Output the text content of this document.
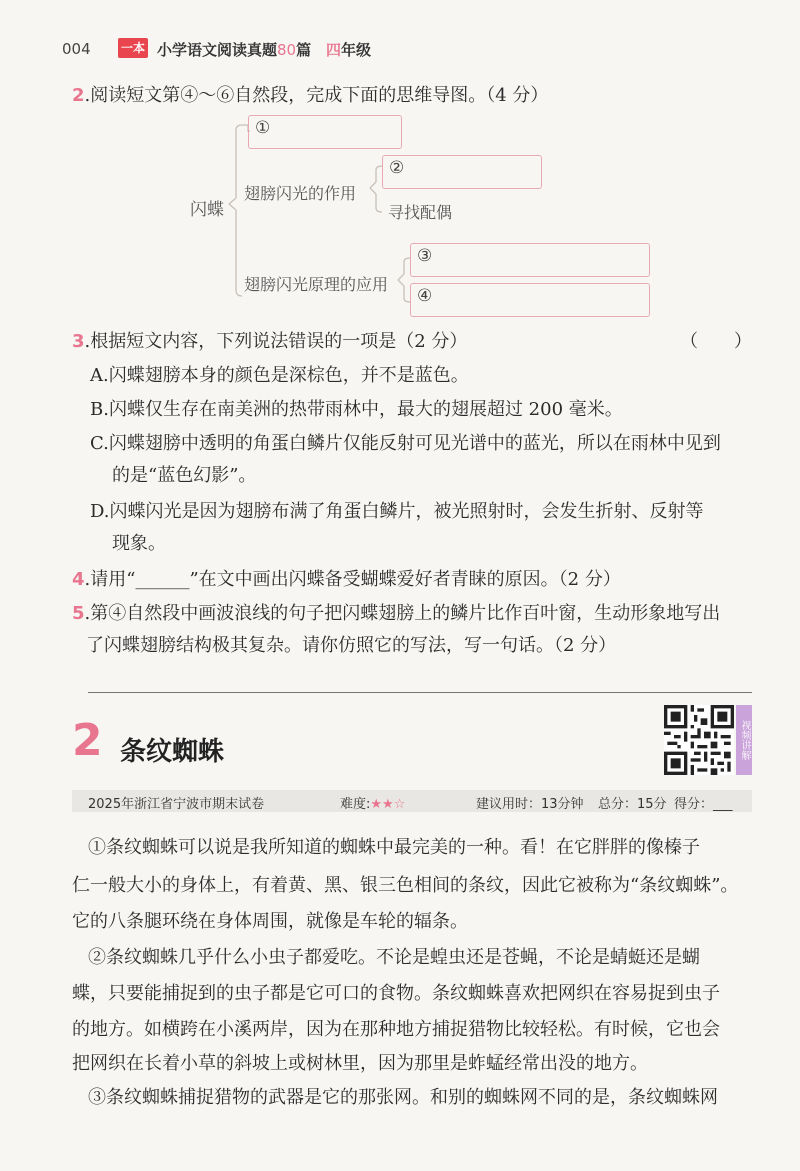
004	一本 小学语文阅读真题80篇 四年级
2.阅读短文第④～⑥自然段，完成下面的思维导图。（4 分）
闪蝶
①
翅膀闪光的作用
②
寻找配偶
翅膀闪光原理的应用
③
④
3.根据短文内容，下列说法错误的一项是（2 分）	（　　）
A.闪蝶翅膀本身的颜色是深棕色，并不是蓝色。
B.闪蝶仅生存在南美洲的热带雨林中，最大的翅展超过 200 毫米。
C.闪蝶翅膀中透明的角蛋白鳞片仅能反射可见光谱中的蓝光，所以在雨林中见到
的是“蓝色幻影”。
D.闪蝶闪光是因为翅膀布满了角蛋白鳞片，被光照射时，会发生折射、反射等
现象。
4.请用“______”在文中画出闪蝶备受蝴蝶爱好者青睐的原因。（2 分）
5.第④自然段中画波浪线的句子把闪蝶翅膀上的鳞片比作百叶窗，生动形象地写出
了闪蝶翅膀结构极其复杂。请你仿照它的写法，写一句话。（2 分）
2 条纹蜘蛛	视频讲解
2025年浙江省宁波市期末试卷	难度:★★☆	建议用时：13分钟 总分：15分 得分：___
①条纹蜘蛛可以说是我所知道的蜘蛛中最完美的一种。看！在它胖胖的像榛子
仁一般大小的身体上，有着黄、黑、银三色相间的条纹，因此它被称为“条纹蜘蛛”。
它的八条腿环绕在身体周围，就像是车轮的辐条。
②条纹蜘蛛几乎什么小虫子都爱吃。不论是蝗虫还是苍蝇，不论是蜻蜓还是蝴
蝶，只要能捕捉到的虫子都是它可口的食物。条纹蜘蛛喜欢把网织在容易捉到虫子
的地方。如横跨在小溪两岸，因为在那种地方捕捉猎物比较轻松。有时候，它也会
把网织在长着小草的斜坡上或树林里，因为那里是蚱蜢经常出没的地方。
③条纹蜘蛛捕捉猎物的武器是它的那张网。和别的蜘蛛网不同的是，条纹蜘蛛网
